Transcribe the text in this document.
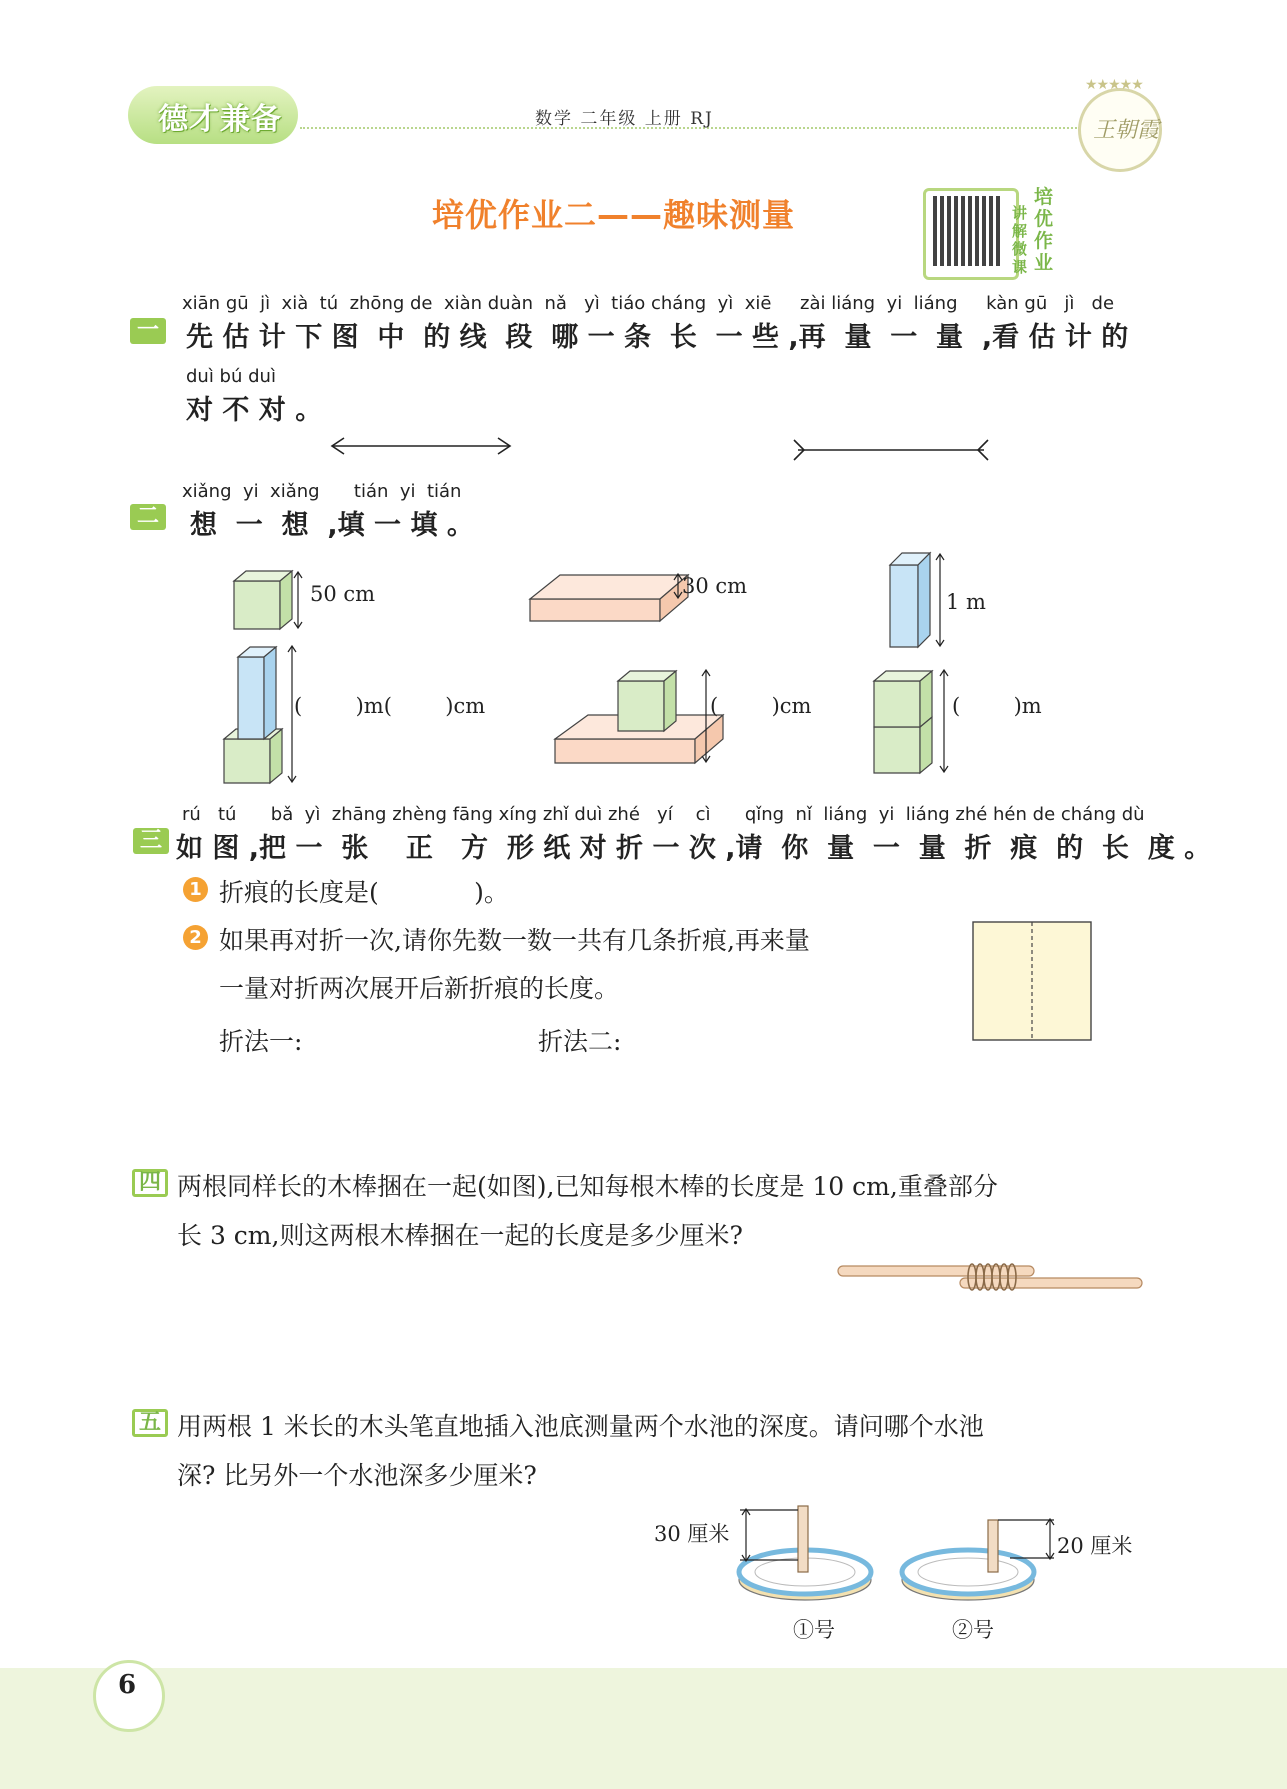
德才兼备	数学 二年级 上册 RJ
★★★★★
王朝霞
培优作业二——趣味测量	讲解微课
培优作业
一
xiān gū  jì  xià  tú  zhōng de  xiàn duàn  nǎ   yì  tiáo cháng  yì  xiē     zài liáng  yi  liáng     kàn gū   jì   de
先 估 计 下 图  中  的 线  段  哪 一 条  长  一 些 ,再  量  一  量  ,看 估 计 的
duì bú duì
对 不 对 。
二
xiǎng  yi  xiǎng      tián  yi  tián
想  一  想  ,填 一 填 。
50 cm	30 cm
1 m
(        )m(        )cm	(        )cm	(        )m
三
rú   tú      bǎ  yì  zhāng zhèng fāng xíng zhǐ duì zhé   yí    cì      qǐng  nǐ  liáng  yi  liáng zhé hén de cháng dù
如 图 ,把 一  张    正   方  形 纸 对 折 一 次 ,请  你  量  一  量  折  痕  的  长  度 。
1 折痕的长度是(            )。
2 如果再对折一次,请你先数一数一共有几条折痕,再来量
一量对折两次展开后新折痕的长度。
折法一:	折法二:
四 两根同样长的木棒捆在一起(如图),已知每根木棒的长度是 10 cm,重叠部分
长 3 cm,则这两根木棒捆在一起的长度是多少厘米?
五 用两根 1 米长的木头笔直地插入池底测量两个水池的深度。请问哪个水池
深? 比另外一个水池深多少厘米?
30 厘米	20 厘米
①号	②号
6
